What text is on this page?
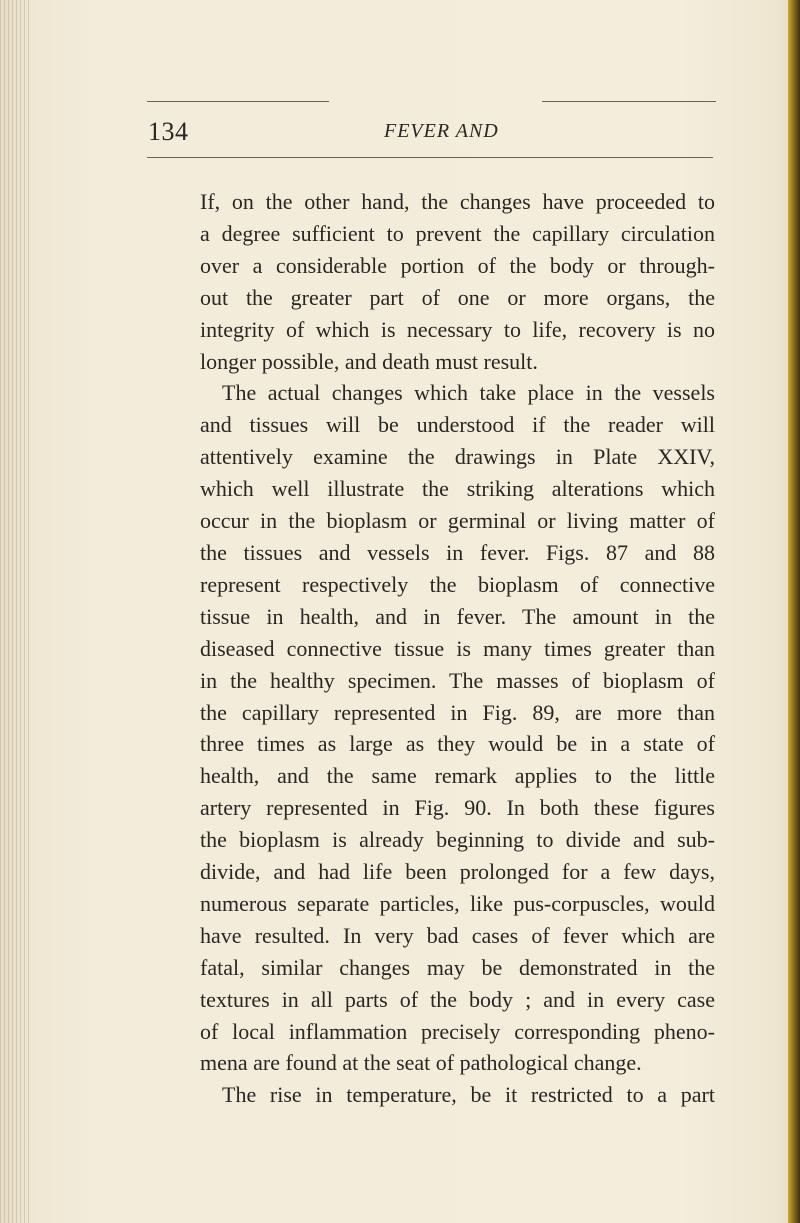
134	FEVER AND
If, on the other hand, the changes have proceeded to
a degree sufficient to prevent the capillary circulation
over a considerable portion of the body or through-
out the greater part of one or more organs, the
integrity of which is necessary to life, recovery is no
longer possible, and death must result.
The actual changes which take place in the vessels
and tissues will be understood if the reader will
attentively examine the drawings in Plate XXIV,
which well illustrate the striking alterations which
occur in the bioplasm or germinal or living matter of
the tissues and vessels in fever. Figs. 87 and 88
represent respectively the bioplasm of connective
tissue in health, and in fever. The amount in the
diseased connective tissue is many times greater than
in the healthy specimen. The masses of bioplasm of
the capillary represented in Fig. 89, are more than
three times as large as they would be in a state of
health, and the same remark applies to the little
artery represented in Fig. 90. In both these figures
the bioplasm is already beginning to divide and sub-
divide, and had life been prolonged for a few days,
numerous separate particles, like pus-corpuscles, would
have resulted. In very bad cases of fever which are
fatal, similar changes may be demonstrated in the
textures in all parts of the body ; and in every case
of local inflammation precisely corresponding pheno-
mena are found at the seat of pathological change.
The rise in temperature, be it restricted to a part
